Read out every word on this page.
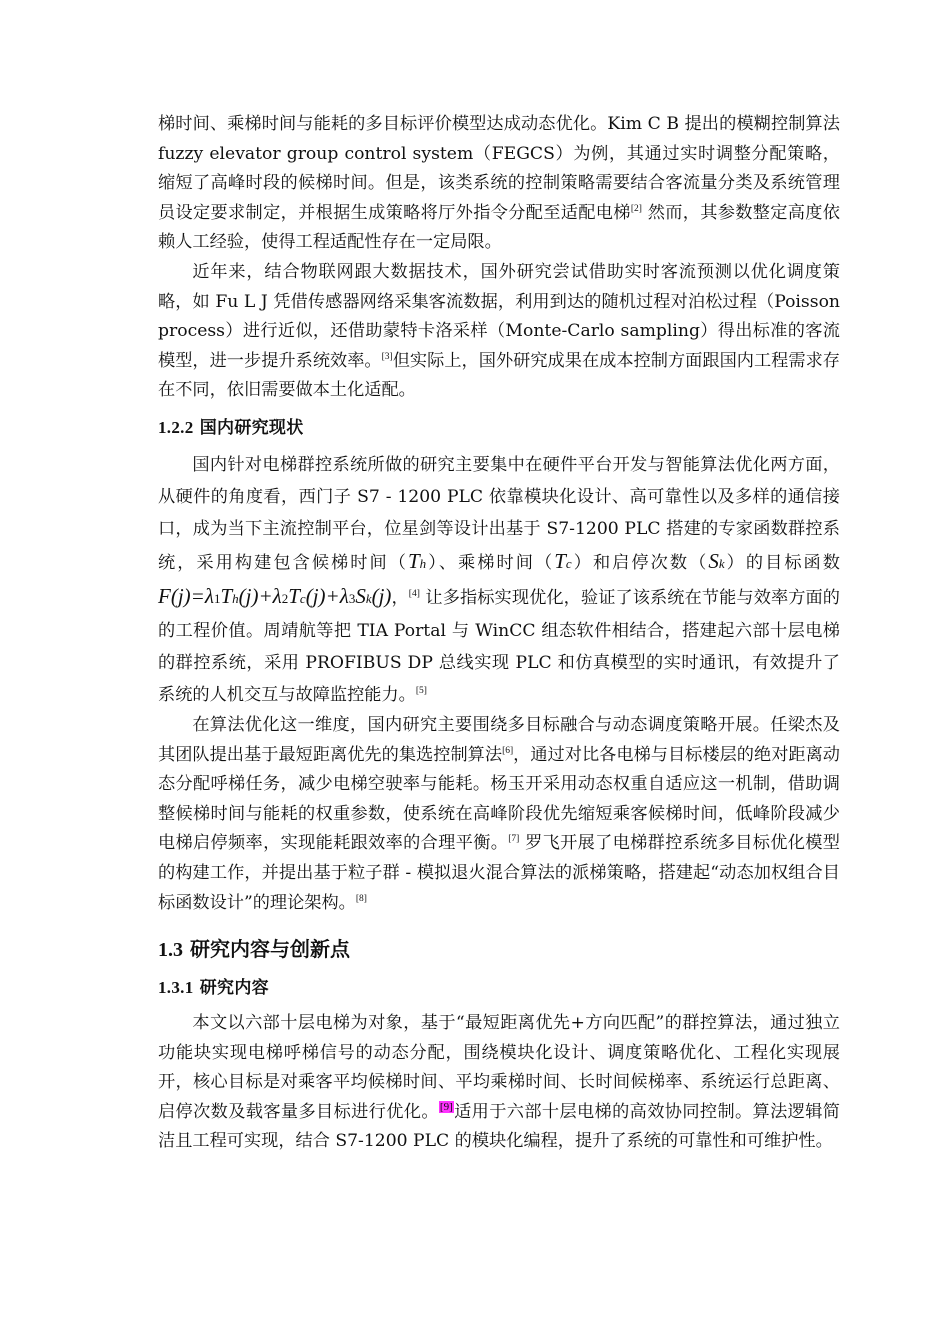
梯时间、乘梯时间与能耗的多目标评价模型达成动态优化。Kim C B 提出的模糊控制算法 fuzzy elevator group control system（FEGCS）为例，其通过实时调整分配策略，缩短了高峰时段的候梯时间。但是，该类系统的控制策略需要结合客流量分类及系统管理员设定要求制定，并根据生成策略将厅外指令分配至适配电梯[2] 然而，其参数整定高度依赖人工经验，使得工程适配性存在一定局限。

近年来，结合物联网跟大数据技术，国外研究尝试借助实时客流预测以优化调度策略，如 Fu L J 凭借传感器网络采集客流数据，利用到达的随机过程对泊松过程（Poisson process）进行近似，还借助蒙特卡洛采样（Monte-Carlo sampling）得出标准的客流模型，进一步提升系统效率。[3]但实际上，国外研究成果在成本控制方面跟国内工程需求存在不同，依旧需要做本土化适配。

1.2.2 国内研究现状

国内针对电梯群控系统所做的研究主要集中在硬件平台开发与智能算法优化两方面，从硬件的角度看，西门子 S7 - 1200 PLC 依靠模块化设计、高可靠性以及多样的通信接口，成为当下主流控制平台，位星剑等设计出基于 S7-1200 PLC 搭建的专家函数群控系统，采用构建包含候梯时间（Th）、乘梯时间（Tc）和启停次数（Sk）的目标函数F(j)=λ1Th(j)+λ2Tc(j)+λ3Sk(j)，[4] 让多指标实现优化，验证了该系统在节能与效率方面的的工程价值。周靖航等把 TIA Portal 与 WinCC 组态软件相结合，搭建起六部十层电梯的群控系统，采用 PROFIBUS DP 总线实现 PLC 和仿真模型的实时通讯，有效提升了系统的人机交互与故障监控能力。[5]

在算法优化这一维度，国内研究主要围绕多目标融合与动态调度策略开展。任梁杰及其团队提出基于最短距离优先的集选控制算法[6]，通过对比各电梯与目标楼层的绝对距离动态分配呼梯任务，减少电梯空驶率与能耗。杨玉开采用动态权重自适应这一机制，借助调整候梯时间与能耗的权重参数，使系统在高峰阶段优先缩短乘客候梯时间，低峰阶段减少电梯启停频率，实现能耗跟效率的合理平衡。[7] 罗飞开展了电梯群控系统多目标优化模型的构建工作，并提出基于粒子群 - 模拟退火混合算法的派梯策略，搭建起“动态加权组合目标函数设计”的理论架构。[8]

1.3 研究内容与创新点
1.3.1 研究内容

本文以六部十层电梯为对象，基于“最短距离优先+方向匹配”的群控算法，通过独立功能块实现电梯呼梯信号的动态分配，围绕模块化设计、调度策略优化、工程化实现展开，核心目标是对乘客平均候梯时间、平均乘梯时间、长时间候梯率、系统运行总距离、启停次数及载客量多目标进行优化。[9]适用于六部十层电梯的高效协同控制。算法逻辑简洁且工程可实现，结合 S7-1200 PLC 的模块化编程，提升了系统的可靠性和可维护性。
